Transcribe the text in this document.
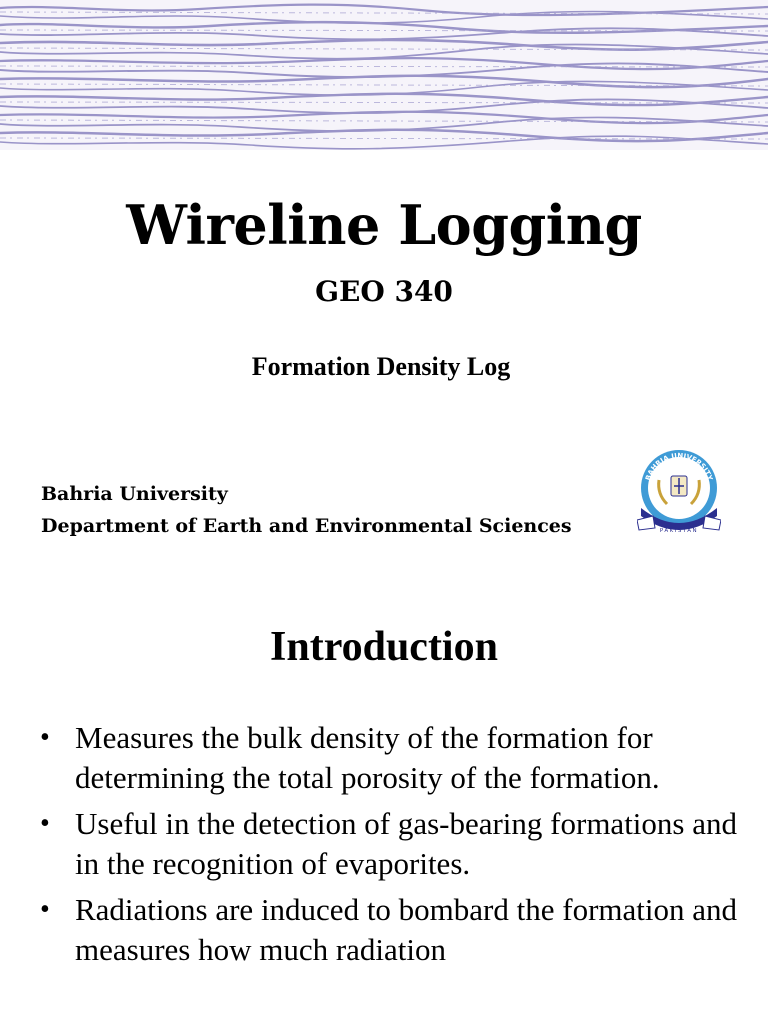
Wireline Logging
GEO 340
Formation Density Log
Bahria University
Department of Earth and Environmental Sciences
BAHRIA UNIVERSITY
PAKISTAN
Introduction
• Measures the bulk density of the formation for determining the total porosity of the formation.
• Useful in the detection of gas-bearing formations and in the recognition of evaporites.
• Radiations are induced to bombard the formation and measures how much radiation
